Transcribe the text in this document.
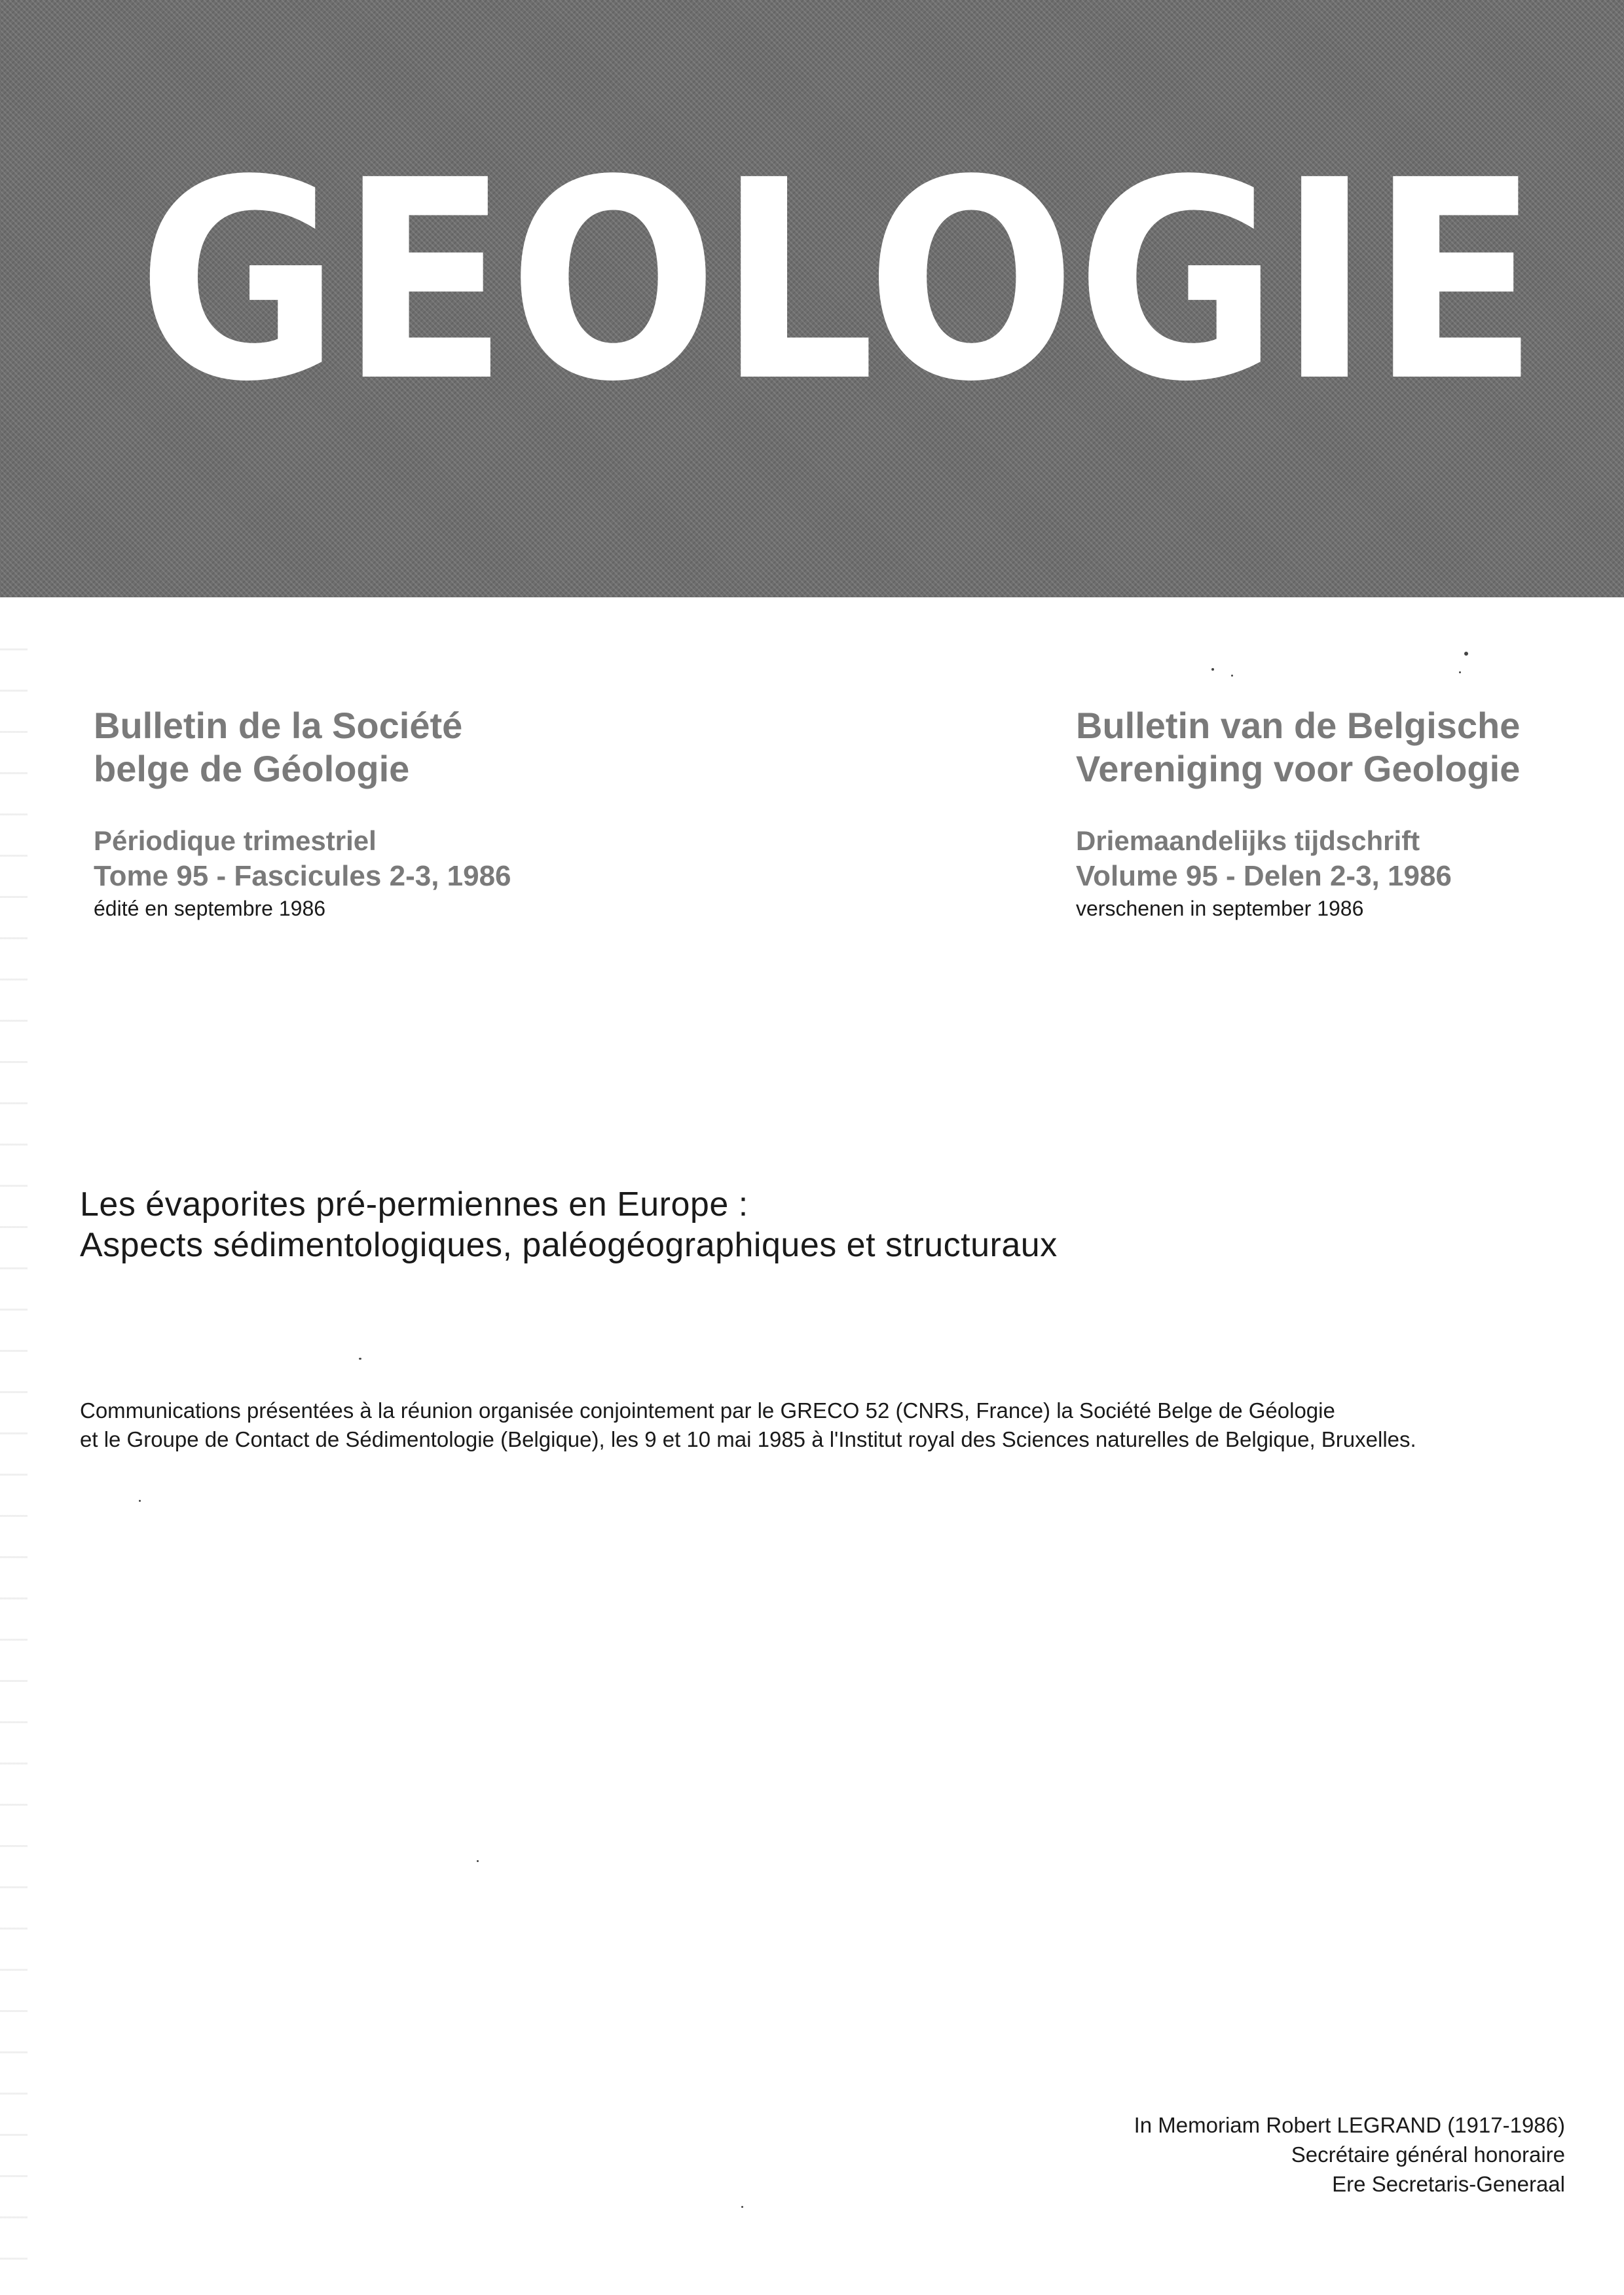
GEOLOGIE
Bulletin de la Société
belge de Géologie
Périodique trimestriel
Tome 95 - Fascicules 2-3, 1986
édité en septembre 1986
Bulletin van de Belgische
Vereniging voor Geologie
Driemaandelijks tijdschrift
Volume 95 - Delen 2-3, 1986
verschenen in september 1986
Les évaporites pré-permiennes en Europe :
Aspects sédimentologiques, paléogéographiques et structuraux
Communications présentées à la réunion organisée conjointement par le GRECO 52 (CNRS, France) la Société Belge de Géologie
et le Groupe de Contact de Sédimentologie (Belgique), les 9 et 10 mai 1985 à l'Institut royal des Sciences naturelles de Belgique, Bruxelles.
In Memoriam Robert LEGRAND (1917-1986)
Secrétaire général honoraire
Ere Secretaris-Generaal
